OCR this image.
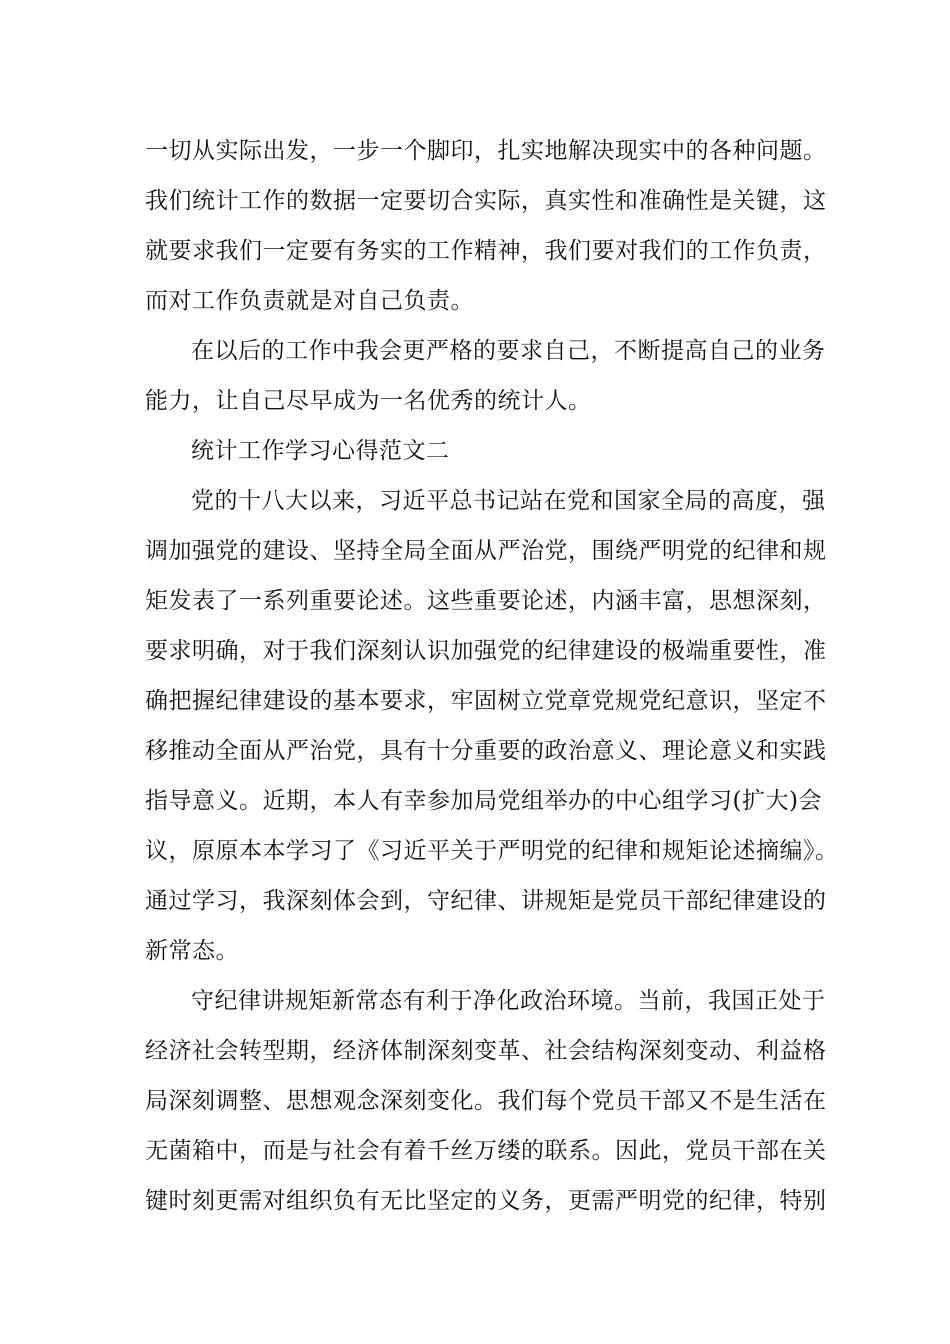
一切从实际出发，一步一个脚印，扎实地解决现实中的各种问题。
我们统计工作的数据一定要切合实际，真实性和准确性是关键，这
就要求我们一定要有务实的工作精神，我们要对我们的工作负责，
而对工作负责就是对自己负责。
在以后的工作中我会更严格的要求自己，不断提高自己的业务
能力，让自己尽早成为一名优秀的统计人。
统计工作学习心得范文二
党的十八大以来，习近平总书记站在党和国家全局的高度，强
调加强党的建设、坚持全局全面从严治党，围绕严明党的纪律和规
矩发表了一系列重要论述。这些重要论述，内涵丰富，思想深刻，
要求明确，对于我们深刻认识加强党的纪律建设的极端重要性，准
确把握纪律建设的基本要求，牢固树立党章党规党纪意识，坚定不
移推动全面从严治党，具有十分重要的政治意义、理论意义和实践
指导意义。近期，本人有幸参加局党组举办的中心组学习(扩大)会
议，原原本本学习了《习近平关于严明党的纪律和规矩论述摘编》。
通过学习，我深刻体会到，守纪律、讲规矩是党员干部纪律建设的
新常态。
守纪律讲规矩新常态有利于净化政治环境。当前，我国正处于
经济社会转型期，经济体制深刻变革、社会结构深刻变动、利益格
局深刻调整、思想观念深刻变化。我们每个党员干部又不是生活在
无菌箱中，而是与社会有着千丝万缕的联系。因此，党员干部在关
键时刻更需对组织负有无比坚定的义务，更需严明党的纪律，特别
